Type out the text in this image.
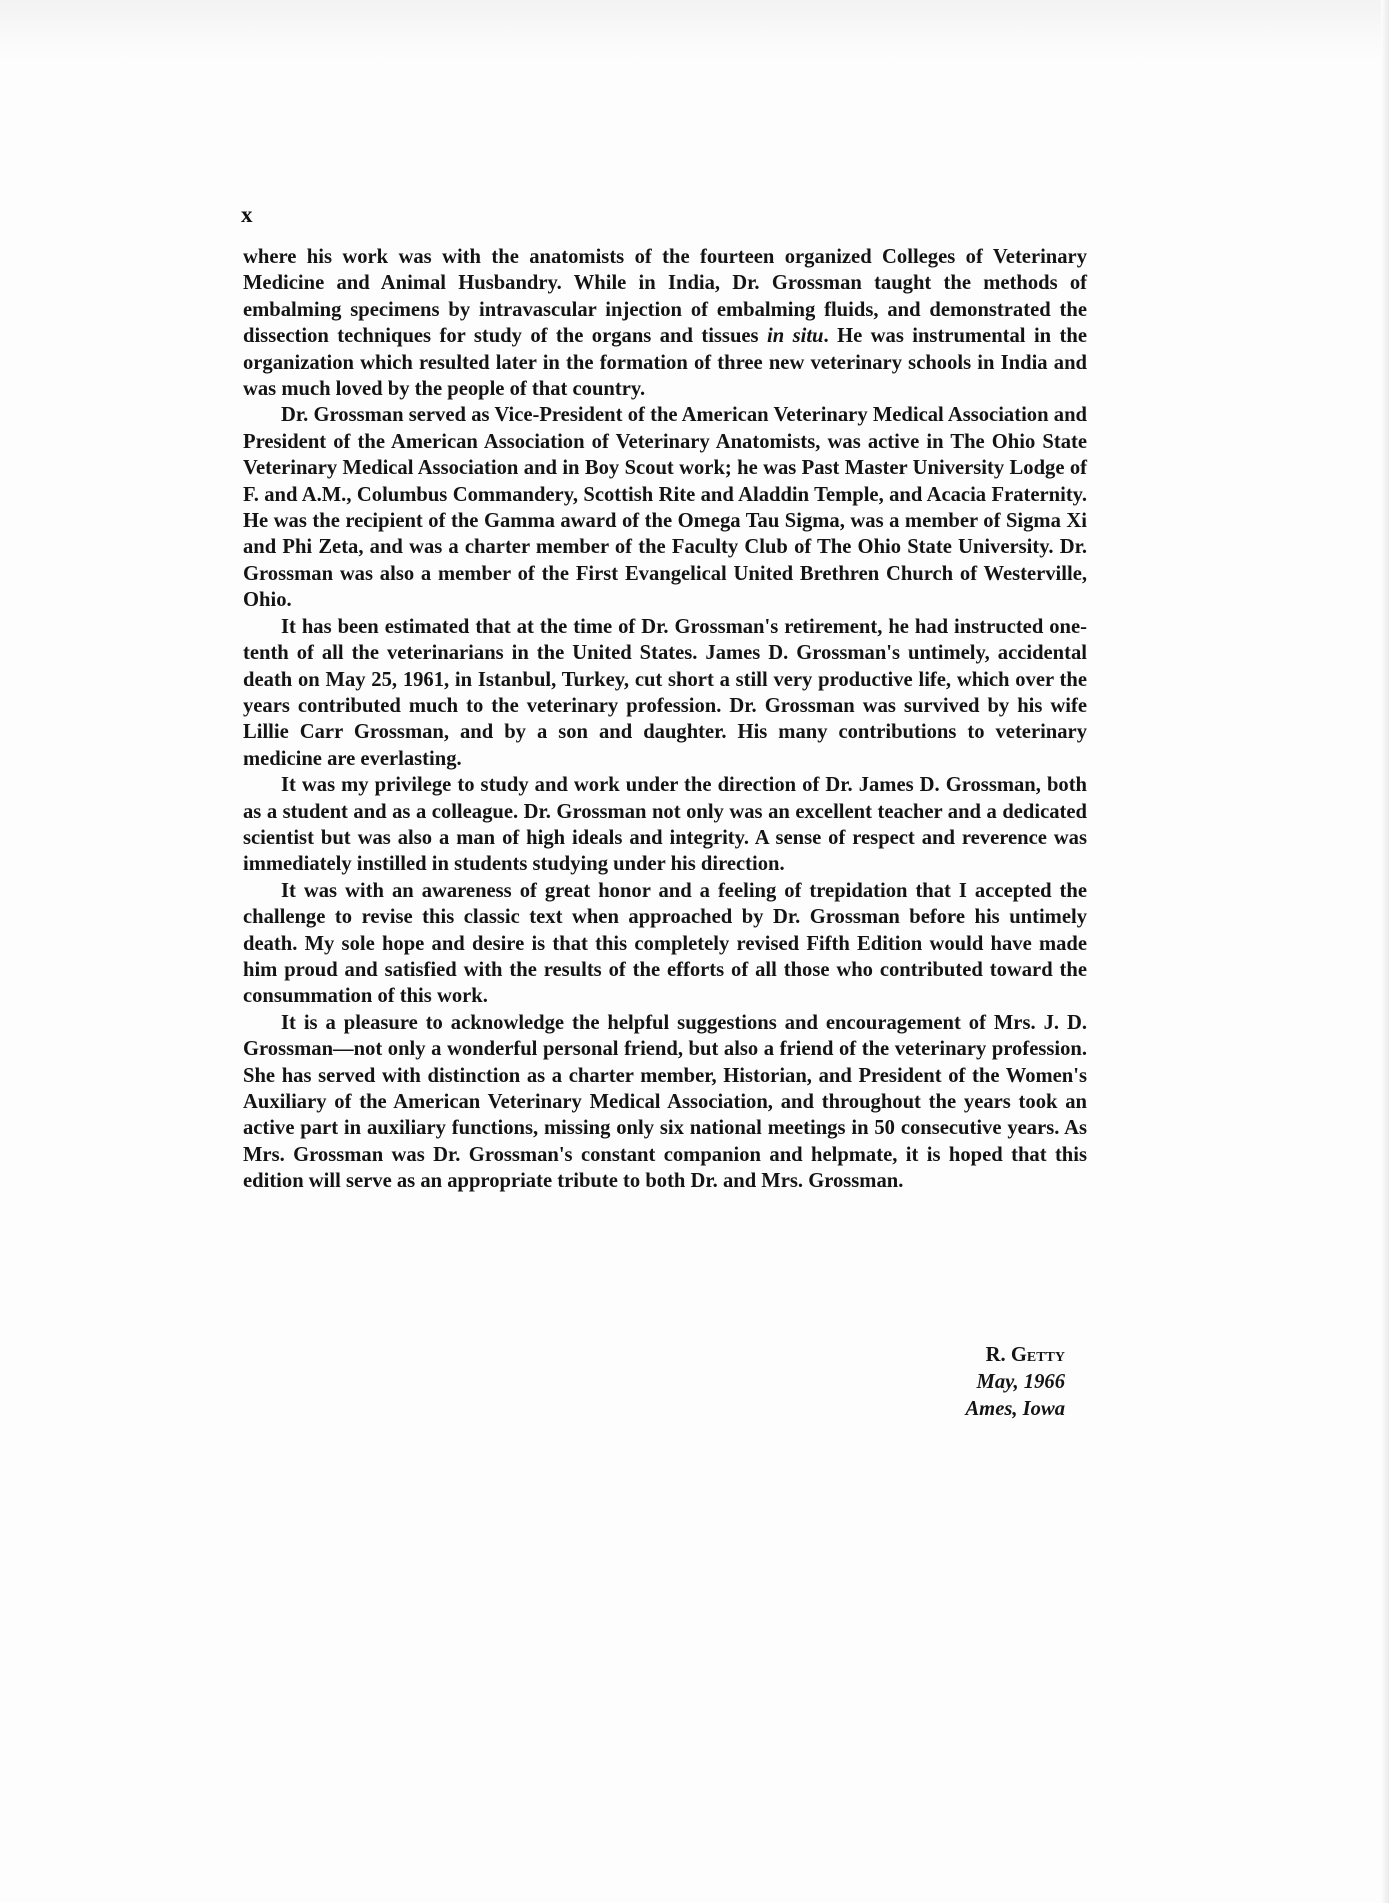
x

where his work was with the anatomists of the fourteen organized Colleges of Veterinary Medicine and Animal Husbandry. While in India, Dr. Grossman taught the methods of embalming specimens by intravascular injection of embalming fluids, and demonstrated the dissection techniques for study of the organs and tissues in situ. He was instrumental in the organization which resulted later in the formation of three new veterinary schools in India and was much loved by the people of that country.

Dr. Grossman served as Vice-President of the American Veterinary Medical Association and President of the American Association of Veterinary Anatomists, was active in The Ohio State Veterinary Medical Association and in Boy Scout work; he was Past Master University Lodge of F. and A.M., Columbus Commandery, Scottish Rite and Aladdin Temple, and Acacia Fraternity. He was the recipient of the Gamma award of the Omega Tau Sigma, was a member of Sigma Xi and Phi Zeta, and was a charter member of the Faculty Club of The Ohio State University. Dr. Grossman was also a member of the First Evangelical United Brethren Church of Westerville, Ohio.

It has been estimated that at the time of Dr. Grossman's retirement, he had instructed one-tenth of all the veterinarians in the United States. James D. Grossman's untimely, accidental death on May 25, 1961, in Istanbul, Turkey, cut short a still very productive life, which over the years contributed much to the veterinary profession. Dr. Grossman was survived by his wife Lillie Carr Grossman, and by a son and daughter. His many contributions to veterinary medicine are everlasting.

It was my privilege to study and work under the direction of Dr. James D. Grossman, both as a student and as a colleague. Dr. Grossman not only was an excellent teacher and a dedicated scientist but was also a man of high ideals and integrity. A sense of respect and reverence was immediately instilled in students studying under his direction.

It was with an awareness of great honor and a feeling of trepidation that I accepted the challenge to revise this classic text when approached by Dr. Grossman before his untimely death. My sole hope and desire is that this completely revised Fifth Edition would have made him proud and satisfied with the results of the efforts of all those who contributed toward the consummation of this work.

It is a pleasure to acknowledge the helpful suggestions and encouragement of Mrs. J. D. Grossman—not only a wonderful personal friend, but also a friend of the veterinary profession. She has served with distinction as a charter member, Historian, and President of the Women's Auxiliary of the American Veterinary Medical Association, and throughout the years took an active part in auxiliary functions, missing only six national meetings in 50 consecutive years. As Mrs. Grossman was Dr. Grossman's constant companion and helpmate, it is hoped that this edition will serve as an appropriate tribute to both Dr. and Mrs. Grossman.

R. Getty
May, 1966
Ames, Iowa
